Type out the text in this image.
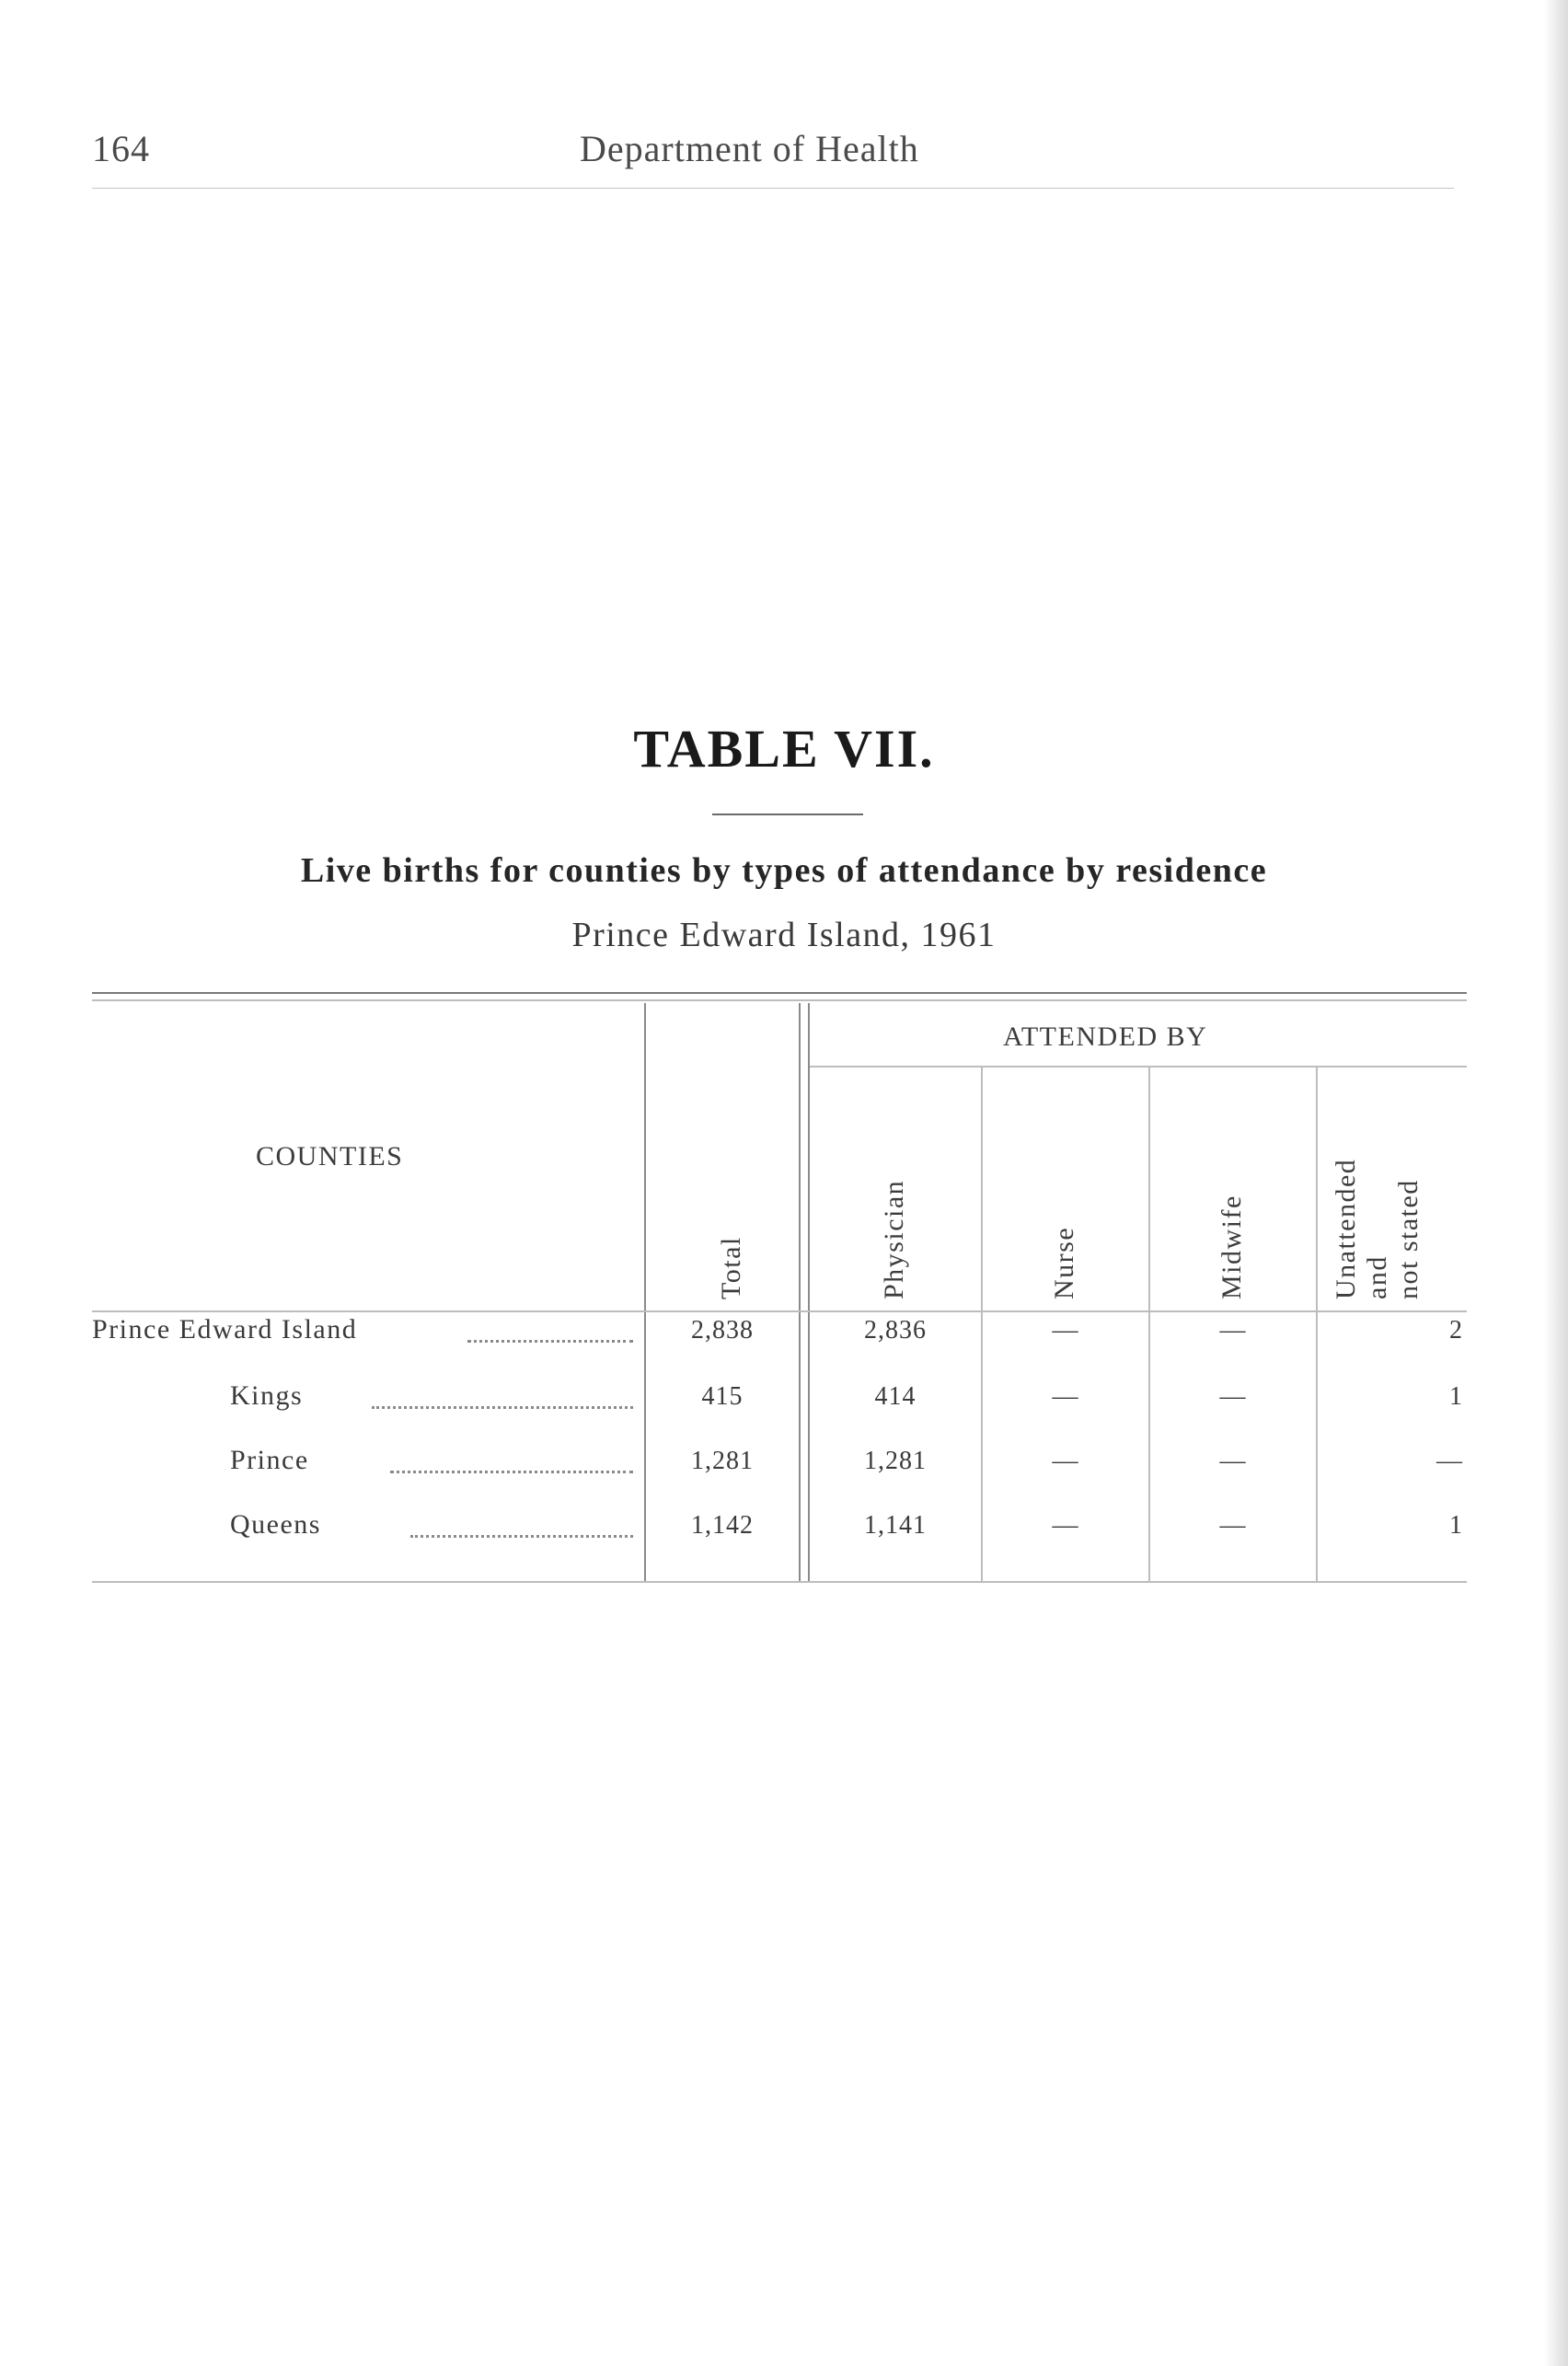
164	Department of Health
TABLE VII.
Live births for counties by types of attendance by residence
Prince Edward Island, 1961
ATTENDED BY
COUNTIES
Total	Physician	Nurse	Midwife	Unattended and not stated
Prince Edward Island	2,838	2,836	—	—	2
Kings	415	414	—	—	1
Prince	1,281	1,281	—	—	—
Queens	1,142	1,141	—	—	1
